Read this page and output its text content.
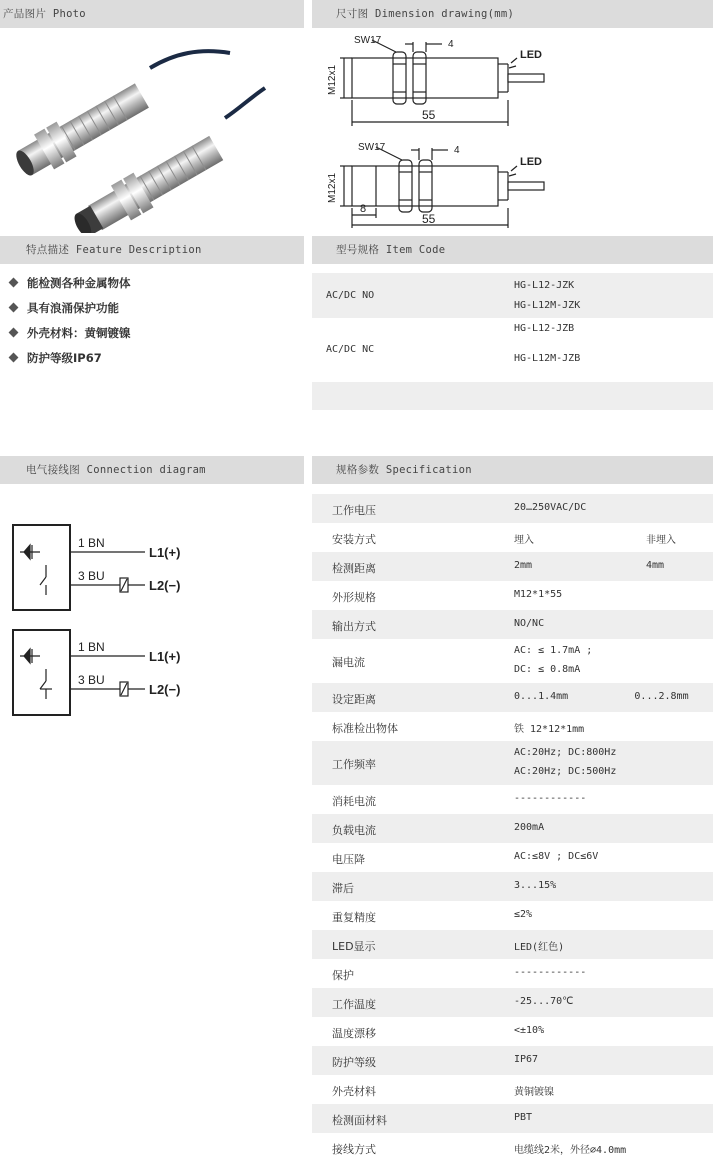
产品图片 Photo	尺寸图 Dimension drawing(mm)
SW17	4
55
M12x1
LED
SW17	4
8
55
M12x1
LED
特点描述 Feature Description	型号规格 Item Code
能检测各种金属物体
具有浪涌保护功能
外壳材料：黄铜镀镍
防护等级IP67
AC/DC NO
HG-L12-JZK
HG-L12M-JZK
AC/DC NC
HG-L12-JZB
HG-L12M-JZB
电气接线图 Connection diagram	规格参数 Specification
1 BN
3 BU
L1(+)
L2(−)
1 BN
3 BU
L1(+)
L2(−)
工作电压	20…250VAC/DC
安装方式	埋入	非埋入
检测距离	2mm	4mm
外形规格	M12*1*55
输出方式	NO/NC
漏电流
AC: ≤ 1.7mA ;
DC: ≤ 0.8mA
设定距离	0...1.4mm           0...2.8mm
标准检出物体	铁 12*12*1mm
工作频率
AC:20Hz; DC:800Hz
AC:20Hz; DC:500Hz
消耗电流	------------
负载电流	200mA
电压降	AC:≤8V ; DC≤6V
滞后	3...15%
重复精度	≤2%
LED显示	LED(红色)
保护	------------
工作温度	-25...70℃
温度漂移	<±10%
防护等级	IP67
外壳材料	黄铜镀镍
检测面材料	PBT
接线方式	电缆线2米，外径∅4.0mm
